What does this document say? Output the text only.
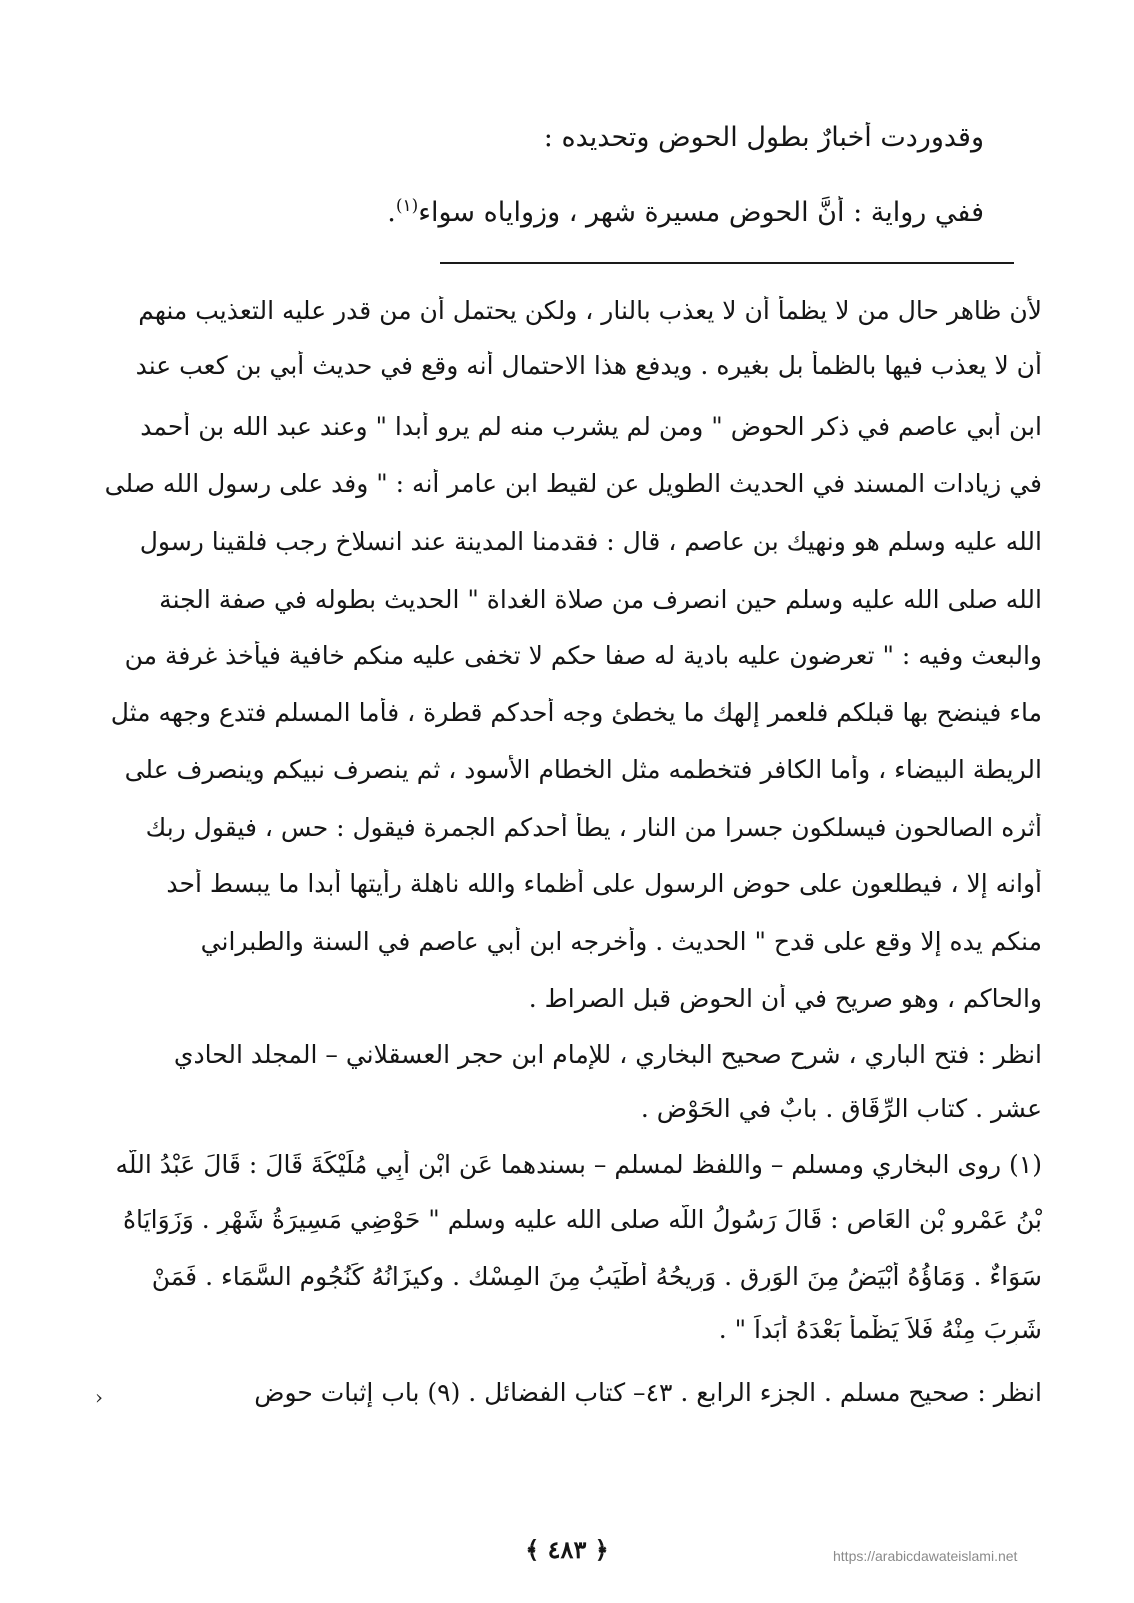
وقدوردت أخبارٌ بطول الحوض وتحديده :
ففي رواية : أنَّ الحوض مسيرة شهر ، وزواياه سواء$^{(١)}$.
لأن ظاهر حال من لا يظمأ أن لا يعذب بالنار ، ولكن يحتمل أن من قدر عليه التعذيب منهم
أن لا يعذب فيها بالظمأ بل بغيره . ويدفع هذا الاحتمال أنه وقع في حديث أبي بن كعب عند
ابن أبي عاصم في ذكر الحوض " ومن لم يشرب منه لم يرو أبدا " وعند عبد الله بن أحمد
في زيادات المسند في الحديث الطويل عن لقيط ابن عامر أنه : " وفد على رسول الله صلى
الله عليه وسلم هو ونهيك بن عاصم ، قال : فقدمنا المدينة عند انسلاخ رجب فلقينا رسول
الله صلى الله عليه وسلم حين انصرف من صلاة الغداة " الحديث بطوله في صفة الجنة
والبعث وفيه : " تعرضون عليه بادية له صفا حكم لا تخفى عليه منكم خافية فيأخذ غرفة من
ماء فينضح بها قبلكم فلعمر إلهك ما يخطئ وجه أحدكم قطرة ، فأما المسلم فتدع وجهه مثل
الريطة البيضاء ، وأما الكافر فتخطمه مثل الخطام الأسود ، ثم ينصرف نبيكم وينصرف على
أثره الصالحون فيسلكون جسرا من النار ، يطأ أحدكم الجمرة فيقول : حس ، فيقول ربك
أوانه إلا ، فيطلعون على حوض الرسول على أظماء والله ناهلة رأيتها أبدا ما يبسط أحد
منكم يده إلا وقع على قدح " الحديث . وأخرجه ابن أبي عاصم في السنة والطبراني
والحاكم ، وهو صريح في أن الحوض قبل الصراط .
انظر : فتح الباري ، شرح صحيح البخاري ، للإمام ابن حجر العسقلاني – المجلد الحادي
عشر . كتاب الرِّقَاق . بابٌ في الحَوْض .
(١) روى البخاري ومسلم – واللفظ لمسلم – بسندهما عَن ابْن أبِي مُلَيْكَةَ قَالَ : قَالَ عَبْدُ اللّه
بْنُ عَمْرو بْن العَاص : قَالَ رَسُولُ اللّه صلى الله عليه وسلم " حَوْضِي مَسِيرَةُ شَهْرٍ . وَزَوَايَاهُ
سَوَاءٌ . وَمَاؤُهُ أَبْيَضُ مِنَ الوَرِق . وَرِيحُهُ أَطْيَبُ مِنَ المِسْك . وكيزَانُهُ كَنُجُوم السَّمَاء . فَمَنْ
شَرِبَ مِنْهُ فَلاَ يَظْمأ بَعْدَهُ أَبَداً " .
انظر : صحيح مسلم . الجزء الرابع . ٤٣– كتاب الفضائل . (٩) باب إثبات حوض
›
﴿ ٤٨٣ ﴾	https://arabicdawateislami.net
